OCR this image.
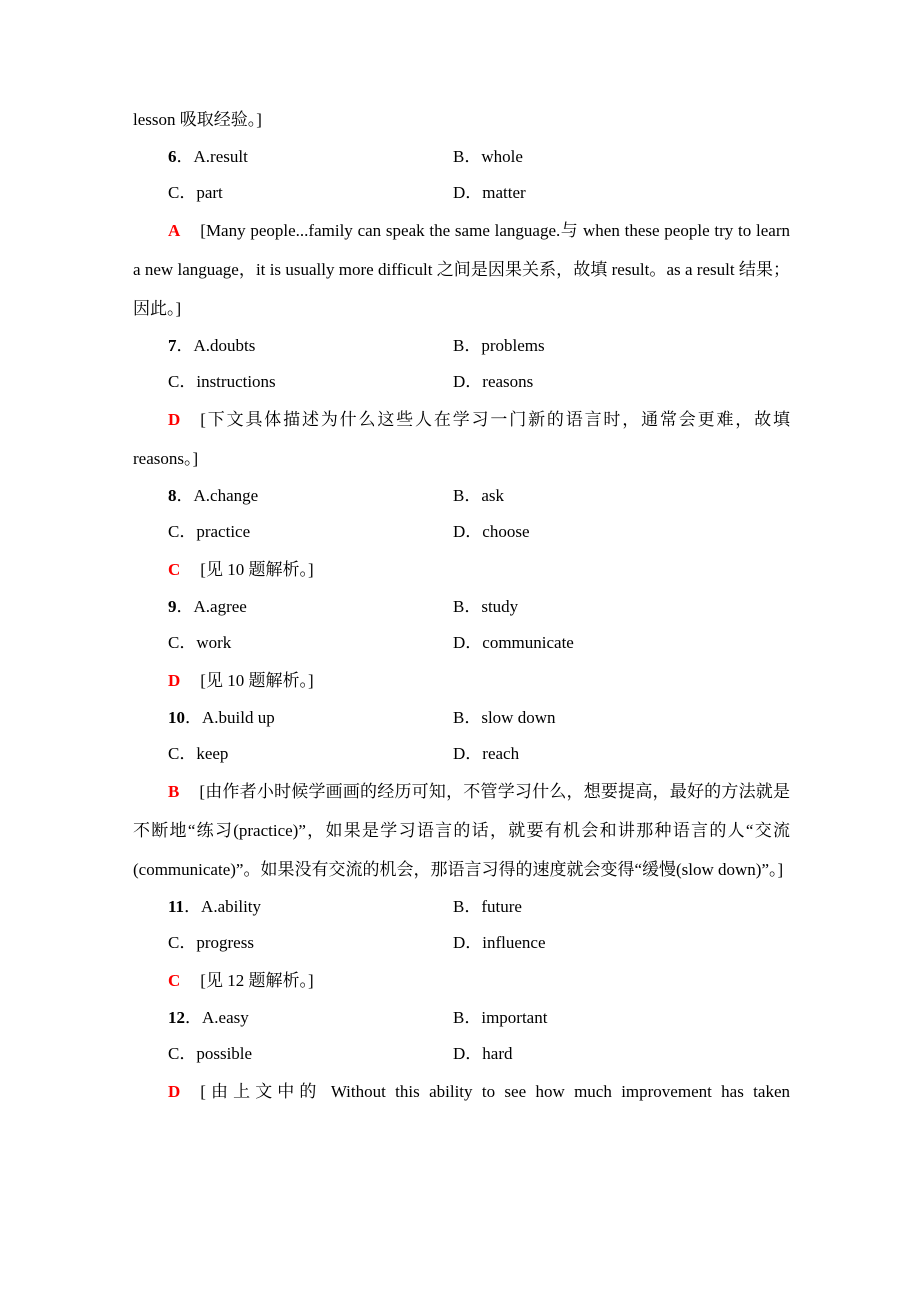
lesson 吸取经验。]

6．A.result	B．whole
C．part	D．matter

A [Many people...family can speak the same language.与 when these people try to learn a new language，it is usually more difficult 之间是因果关系，故填 result。as a result 结果；因此。]

7．A.doubts	B．problems
C．instructions	D．reasons

D [下文具体描述为什么这些人在学习一门新的语言时，通常会更难，故填 reasons。]

8．A.change	B．ask
C．practice	D．choose

C [见 10 题解析。]

9．A.agree	B．study
C．work	D．communicate

D [见 10 题解析。]

10．A.build up	B．slow down
C．keep	D．reach

B [由作者小时候学画画的经历可知，不管学习什么，想要提高，最好的方法就是不断地“练习(practice)”，如果是学习语言的话，就要有机会和讲那种语言的人“交流(communicate)”。如果没有交流的机会，那语言习得的速度就会变得“缓慢(slow down)”。]

11．A.ability	B．future
C．progress	D．influence

C [见 12 题解析。]

12．A.easy	B．important
C．possible	D．hard

D [由上文中的 Without this ability to see how much improvement has taken
